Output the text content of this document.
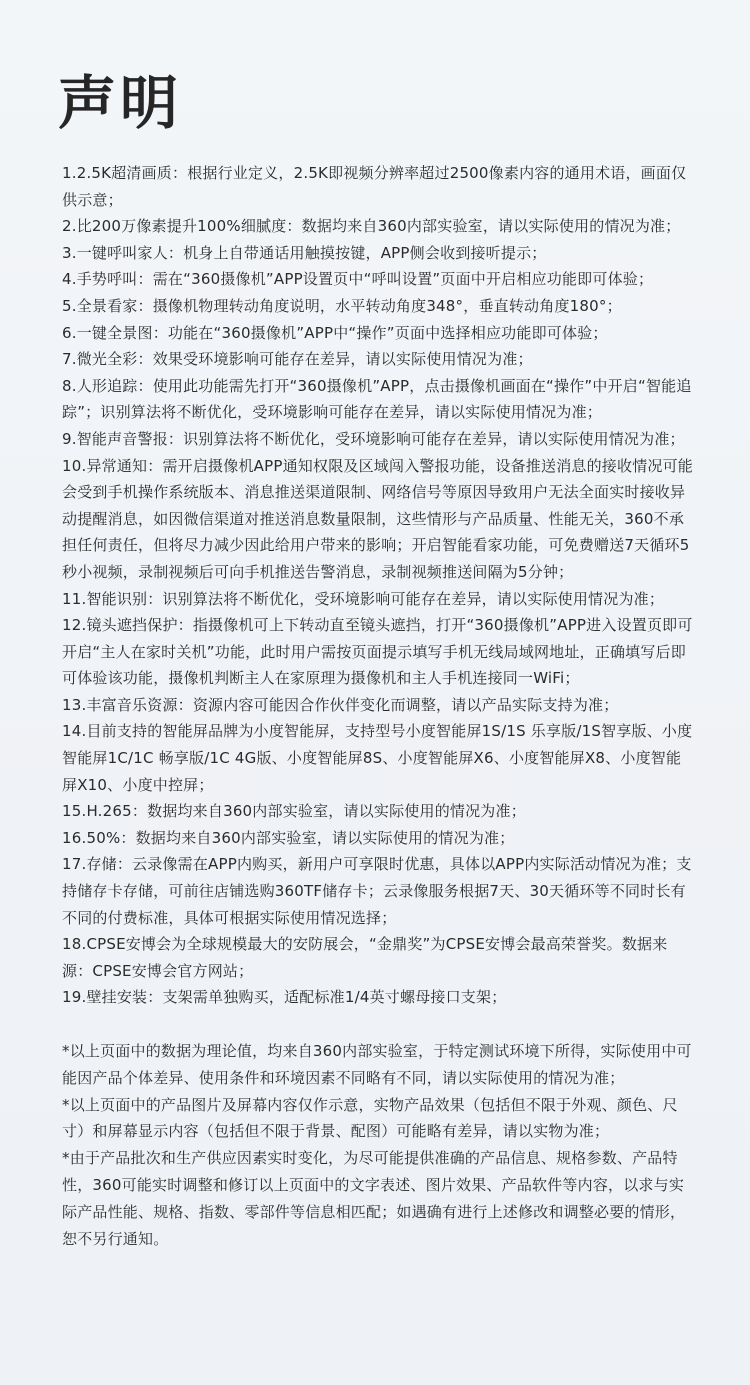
声明

1.2.5K超清画质：根据行业定义，2.5K即视频分辨率超过2500像素内容的通用术语，画面仅供示意；

2.比200万像素提升100%细腻度：数据均来自360内部实验室，请以实际使用的情况为准；

3.一键呼叫家人：机身上自带通话用触摸按键，APP侧会收到接听提示；

4.手势呼叫：需在“360摄像机”APP设置页中“呼叫设置”页面中开启相应功能即可体验；

5.全景看家：摄像机物理转动角度说明，水平转动角度348°，垂直转动角度180°；

6.一键全景图：功能在“360摄像机”APP中“操作”页面中选择相应功能即可体验；

7.微光全彩：效果受环境影响可能存在差异，请以实际使用情况为准；

8.人形追踪：使用此功能需先打开“360摄像机”APP，点击摄像机画面在“操作”中开启“智能追踪”；识别算法将不断优化，受环境影响可能存在差异，请以实际使用情况为准；

9.智能声音警报：识别算法将不断优化，受环境影响可能存在差异，请以实际使用情况为准；

10.异常通知：需开启摄像机APP通知权限及区域闯入警报功能，设备推送消息的接收情况可能会受到手机操作系统版本、消息推送渠道限制、网络信号等原因导致用户无法全面实时接收异动提醒消息，如因微信渠道对推送消息数量限制，这些情形与产品质量、性能无关，360不承担任何责任，但将尽力减少因此给用户带来的影响；开启智能看家功能，可免费赠送7天循环5秒小视频，录制视频后可向手机推送告警消息，录制视频推送间隔为5分钟；

11.智能识别：识别算法将不断优化，受环境影响可能存在差异，请以实际使用情况为准；

12.镜头遮挡保护：指摄像机可上下转动直至镜头遮挡，打开“360摄像机”APP进入设置页即可开启“主人在家时关机”功能，此时用户需按页面提示填写手机无线局域网地址，正确填写后即可体验该功能，摄像机判断主人在家原理为摄像机和主人手机连接同一WiFi；

13.丰富音乐资源：资源内容可能因合作伙伴变化而调整，请以产品实际支持为准；

14.目前支持的智能屏品牌为小度智能屏，支持型号小度智能屏1S/1S 乐享版/1S智享版、小度智能屏1C/1C 畅享版/1C 4G版、小度智能屏8S、小度智能屏X6、小度智能屏X8、小度智能屏X10、小度中控屏；

15.H.265：数据均来自360内部实验室，请以实际使用的情况为准；

16.50%：数据均来自360内部实验室，请以实际使用的情况为准；

17.存储：云录像需在APP内购买，新用户可享限时优惠，具体以APP内实际活动情况为准；支持储存卡存储，可前往店铺选购360TF储存卡；云录像服务根据7天、30天循环等不同时长有不同的付费标准，具体可根据实际使用情况选择；

18.CPSE安博会为全球规模最大的安防展会，“金鼎奖”为CPSE安博会最高荣誉奖。数据来源：CPSE安博会官方网站；

19.壁挂安装：支架需单独购买，适配标准1/4英寸螺母接口支架；

*以上页面中的数据为理论值，均来自360内部实验室，于特定测试环境下所得，实际使用中可能因产品个体差异、使用条件和环境因素不同略有不同，请以实际使用的情况为准；

*以上页面中的产品图片及屏幕内容仅作示意，实物产品效果（包括但不限于外观、颜色、尺寸）和屏幕显示内容（包括但不限于背景、配图）可能略有差异，请以实物为准；

*由于产品批次和生产供应因素实时变化，为尽可能提供准确的产品信息、规格参数、产品特性，360可能实时调整和修订以上页面中的文字表述、图片效果、产品软件等内容，以求与实际产品性能、规格、指数、零部件等信息相匹配；如遇确有进行上述修改和调整必要的情形，恕不另行通知。
